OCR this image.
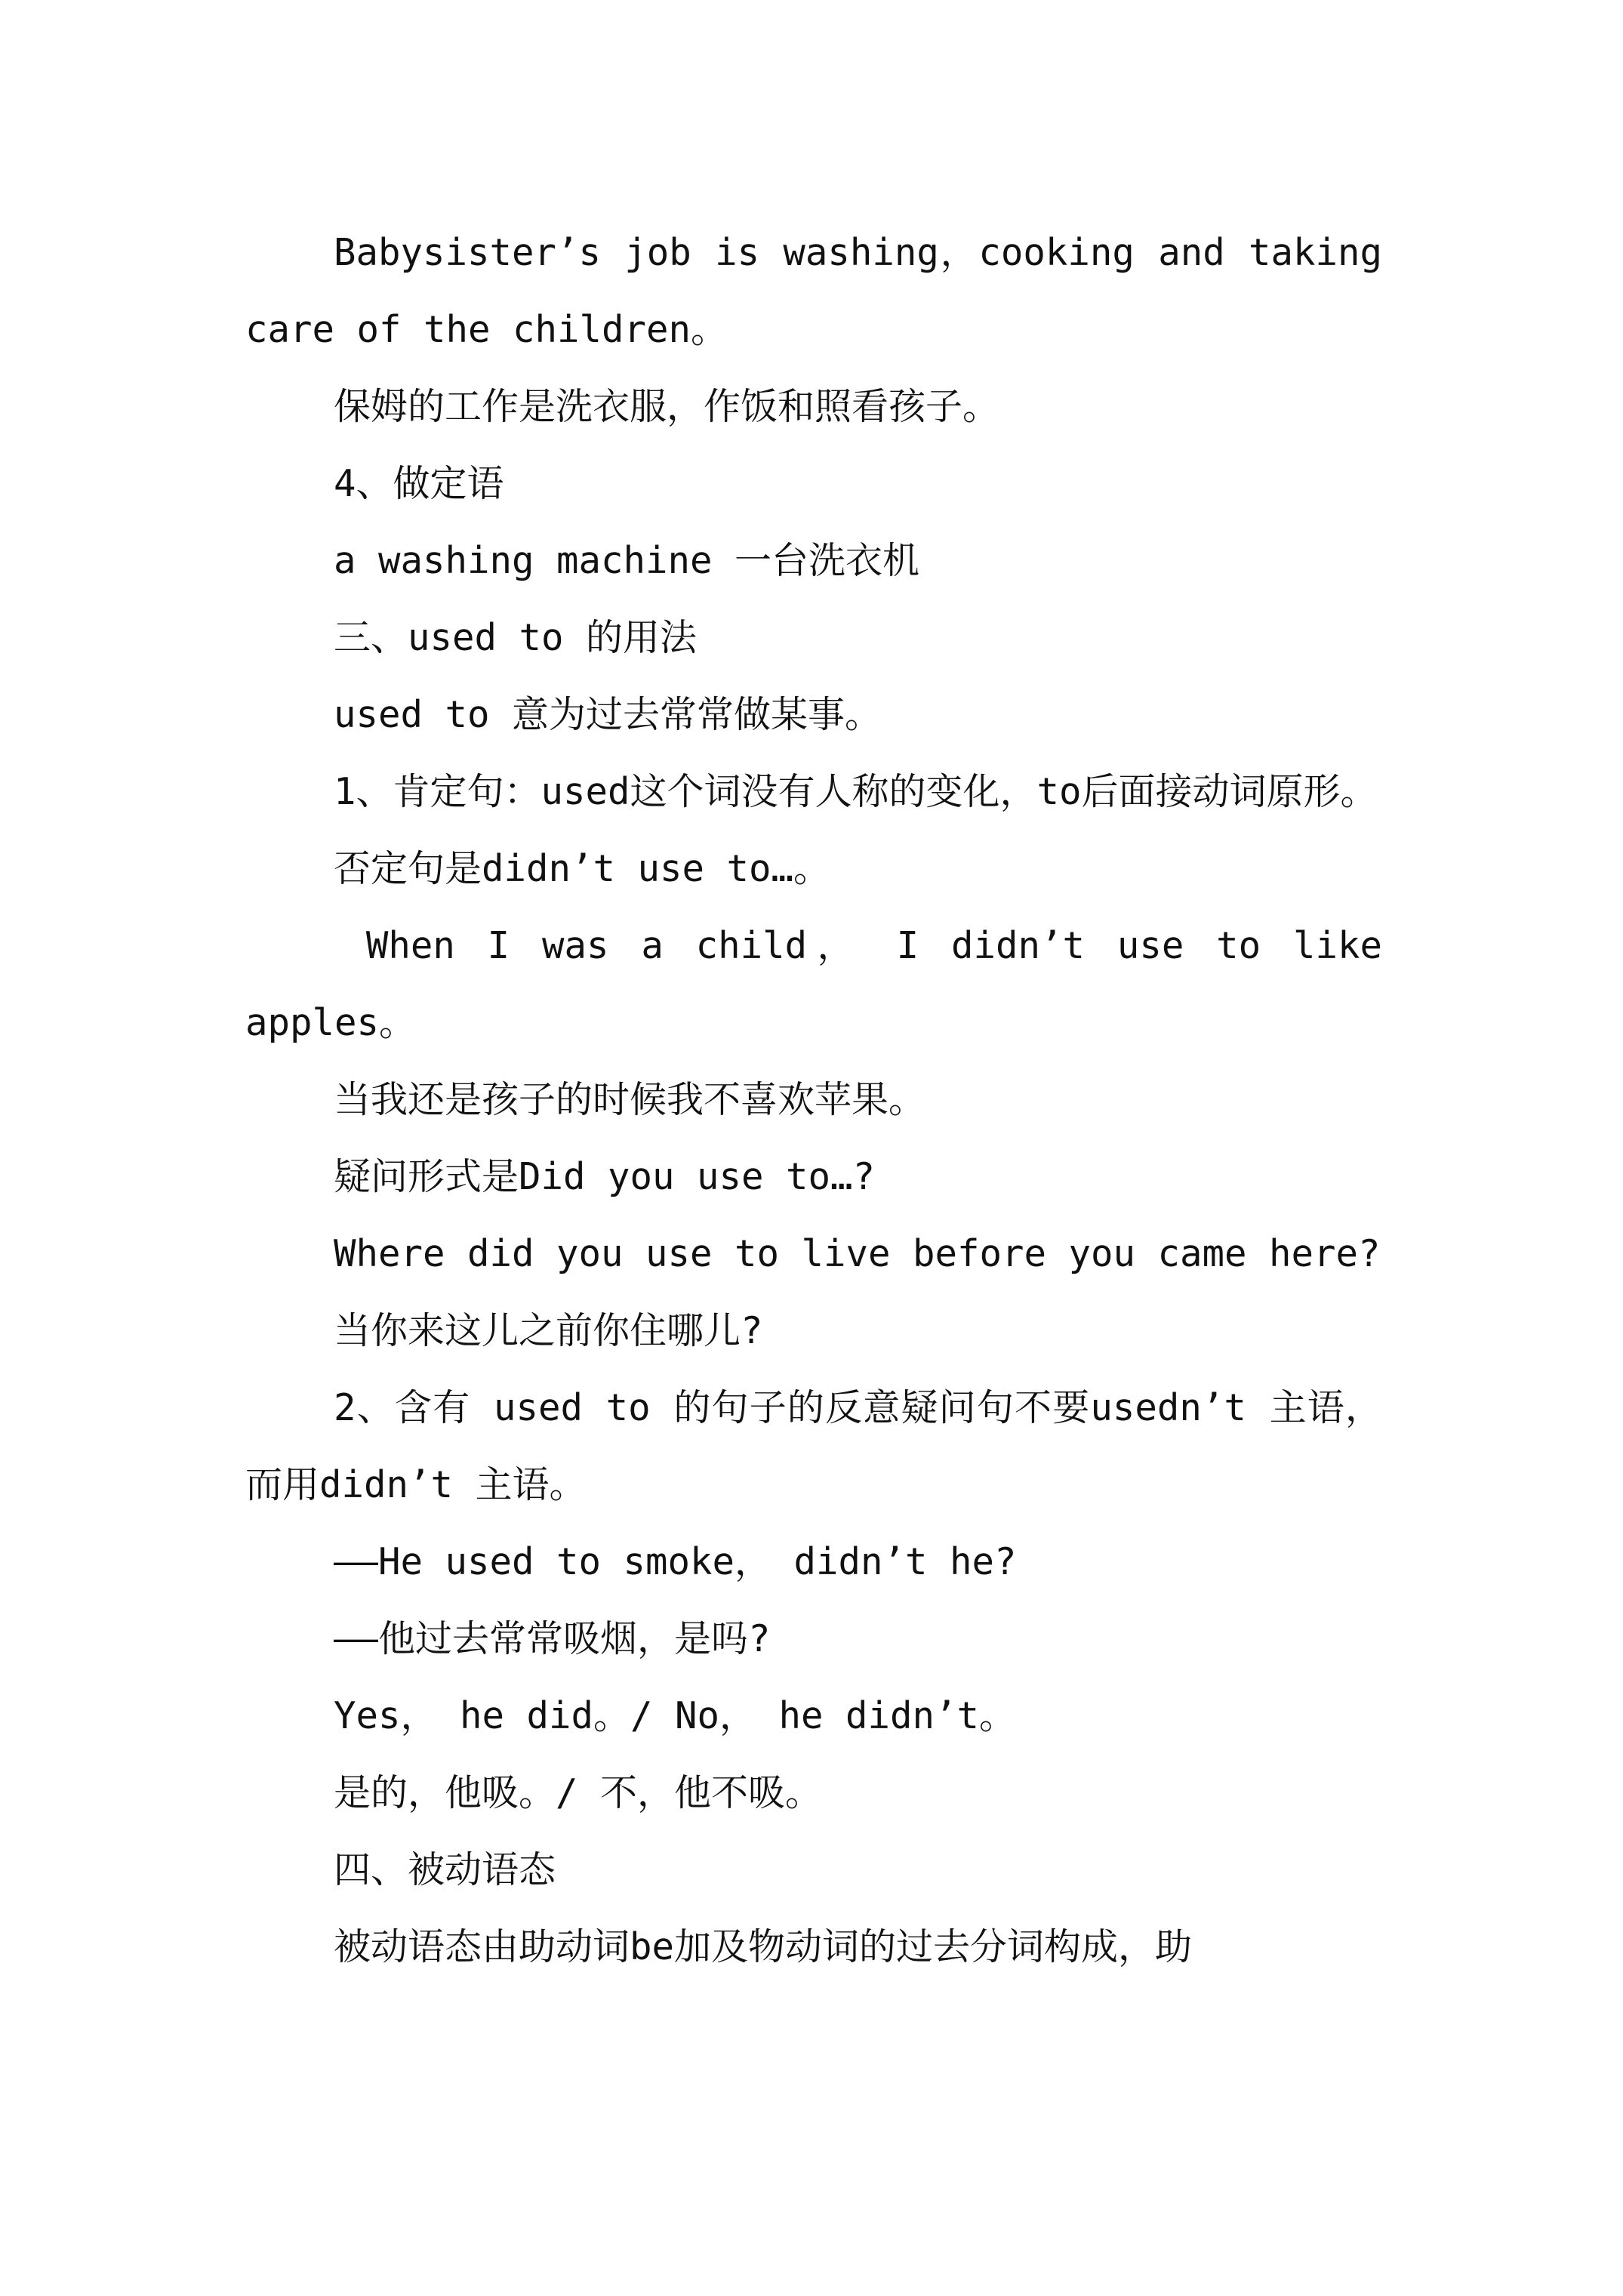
Babysister’s job is washing，cooking and taking care of the children。

保姆的工作是洗衣服，作饭和照看孩子。

4、做定语

a washing machine 一台洗衣机

三、used to 的用法

used to 意为过去常常做某事。

1、肯定句：used这个词没有人称的变化，to后面接动词原形。

否定句是didn’t use to…。

When I was a child， I didn’t use to like apples。

当我还是孩子的时候我不喜欢苹果。

疑问形式是Did you use to…?

Where did you use to live before you came here?

当你来这儿之前你住哪儿?

2、含有 used to 的句子的反意疑问句不要usedn’t 主语，而用didn’t 主语。

——He used to smoke， didn’t he?

——他过去常常吸烟，是吗?

Yes， he did。/ No， he didn’t。

是的，他吸。/ 不，他不吸。

四、被动语态

被动语态由助动词be加及物动词的过去分词构成，助
